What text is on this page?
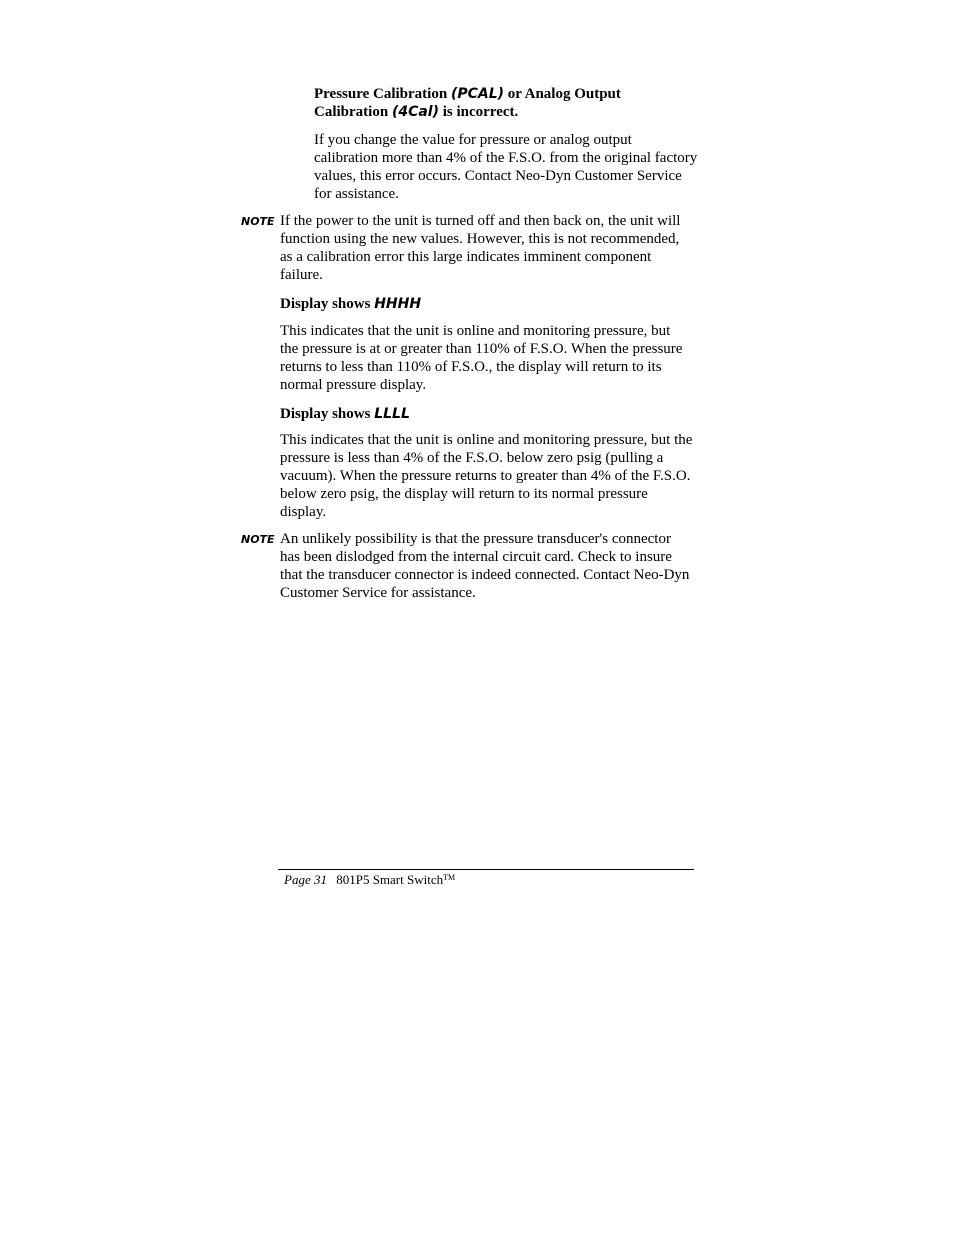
Pressure Calibration (PCAL) or Analog Output Calibration (4Cal) is incorrect.

If you change the value for pressure or analog output calibration more than 4% of the F.S.O. from the original factory values, this error occurs. Contact Neo-Dyn Customer Service for assistance.

NOTE If the power to the unit is turned off and then back on, the unit will function using the new values. However, this is not recommended, as a calibration error this large indicates imminent component failure.

Display shows HHHH

This indicates that the unit is online and monitoring pressure, but the pressure is at or greater than 110% of F.S.O. When the pressure returns to less than 110% of F.S.O., the display will return to its normal pressure display.

Display shows LLLL

This indicates that the unit is online and monitoring pressure, but the pressure is less than 4% of the F.S.O. below zero psig (pulling a vacuum). When the pressure returns to greater than 4% of the F.S.O. below zero psig, the display will return to its normal pressure display.

NOTE An unlikely possibility is that the pressure transducer's connector has been dislodged from the internal circuit card. Check to insure that the transducer connector is indeed connected. Contact Neo-Dyn Customer Service for assistance.

Page 31 801P5 Smart Switch™
